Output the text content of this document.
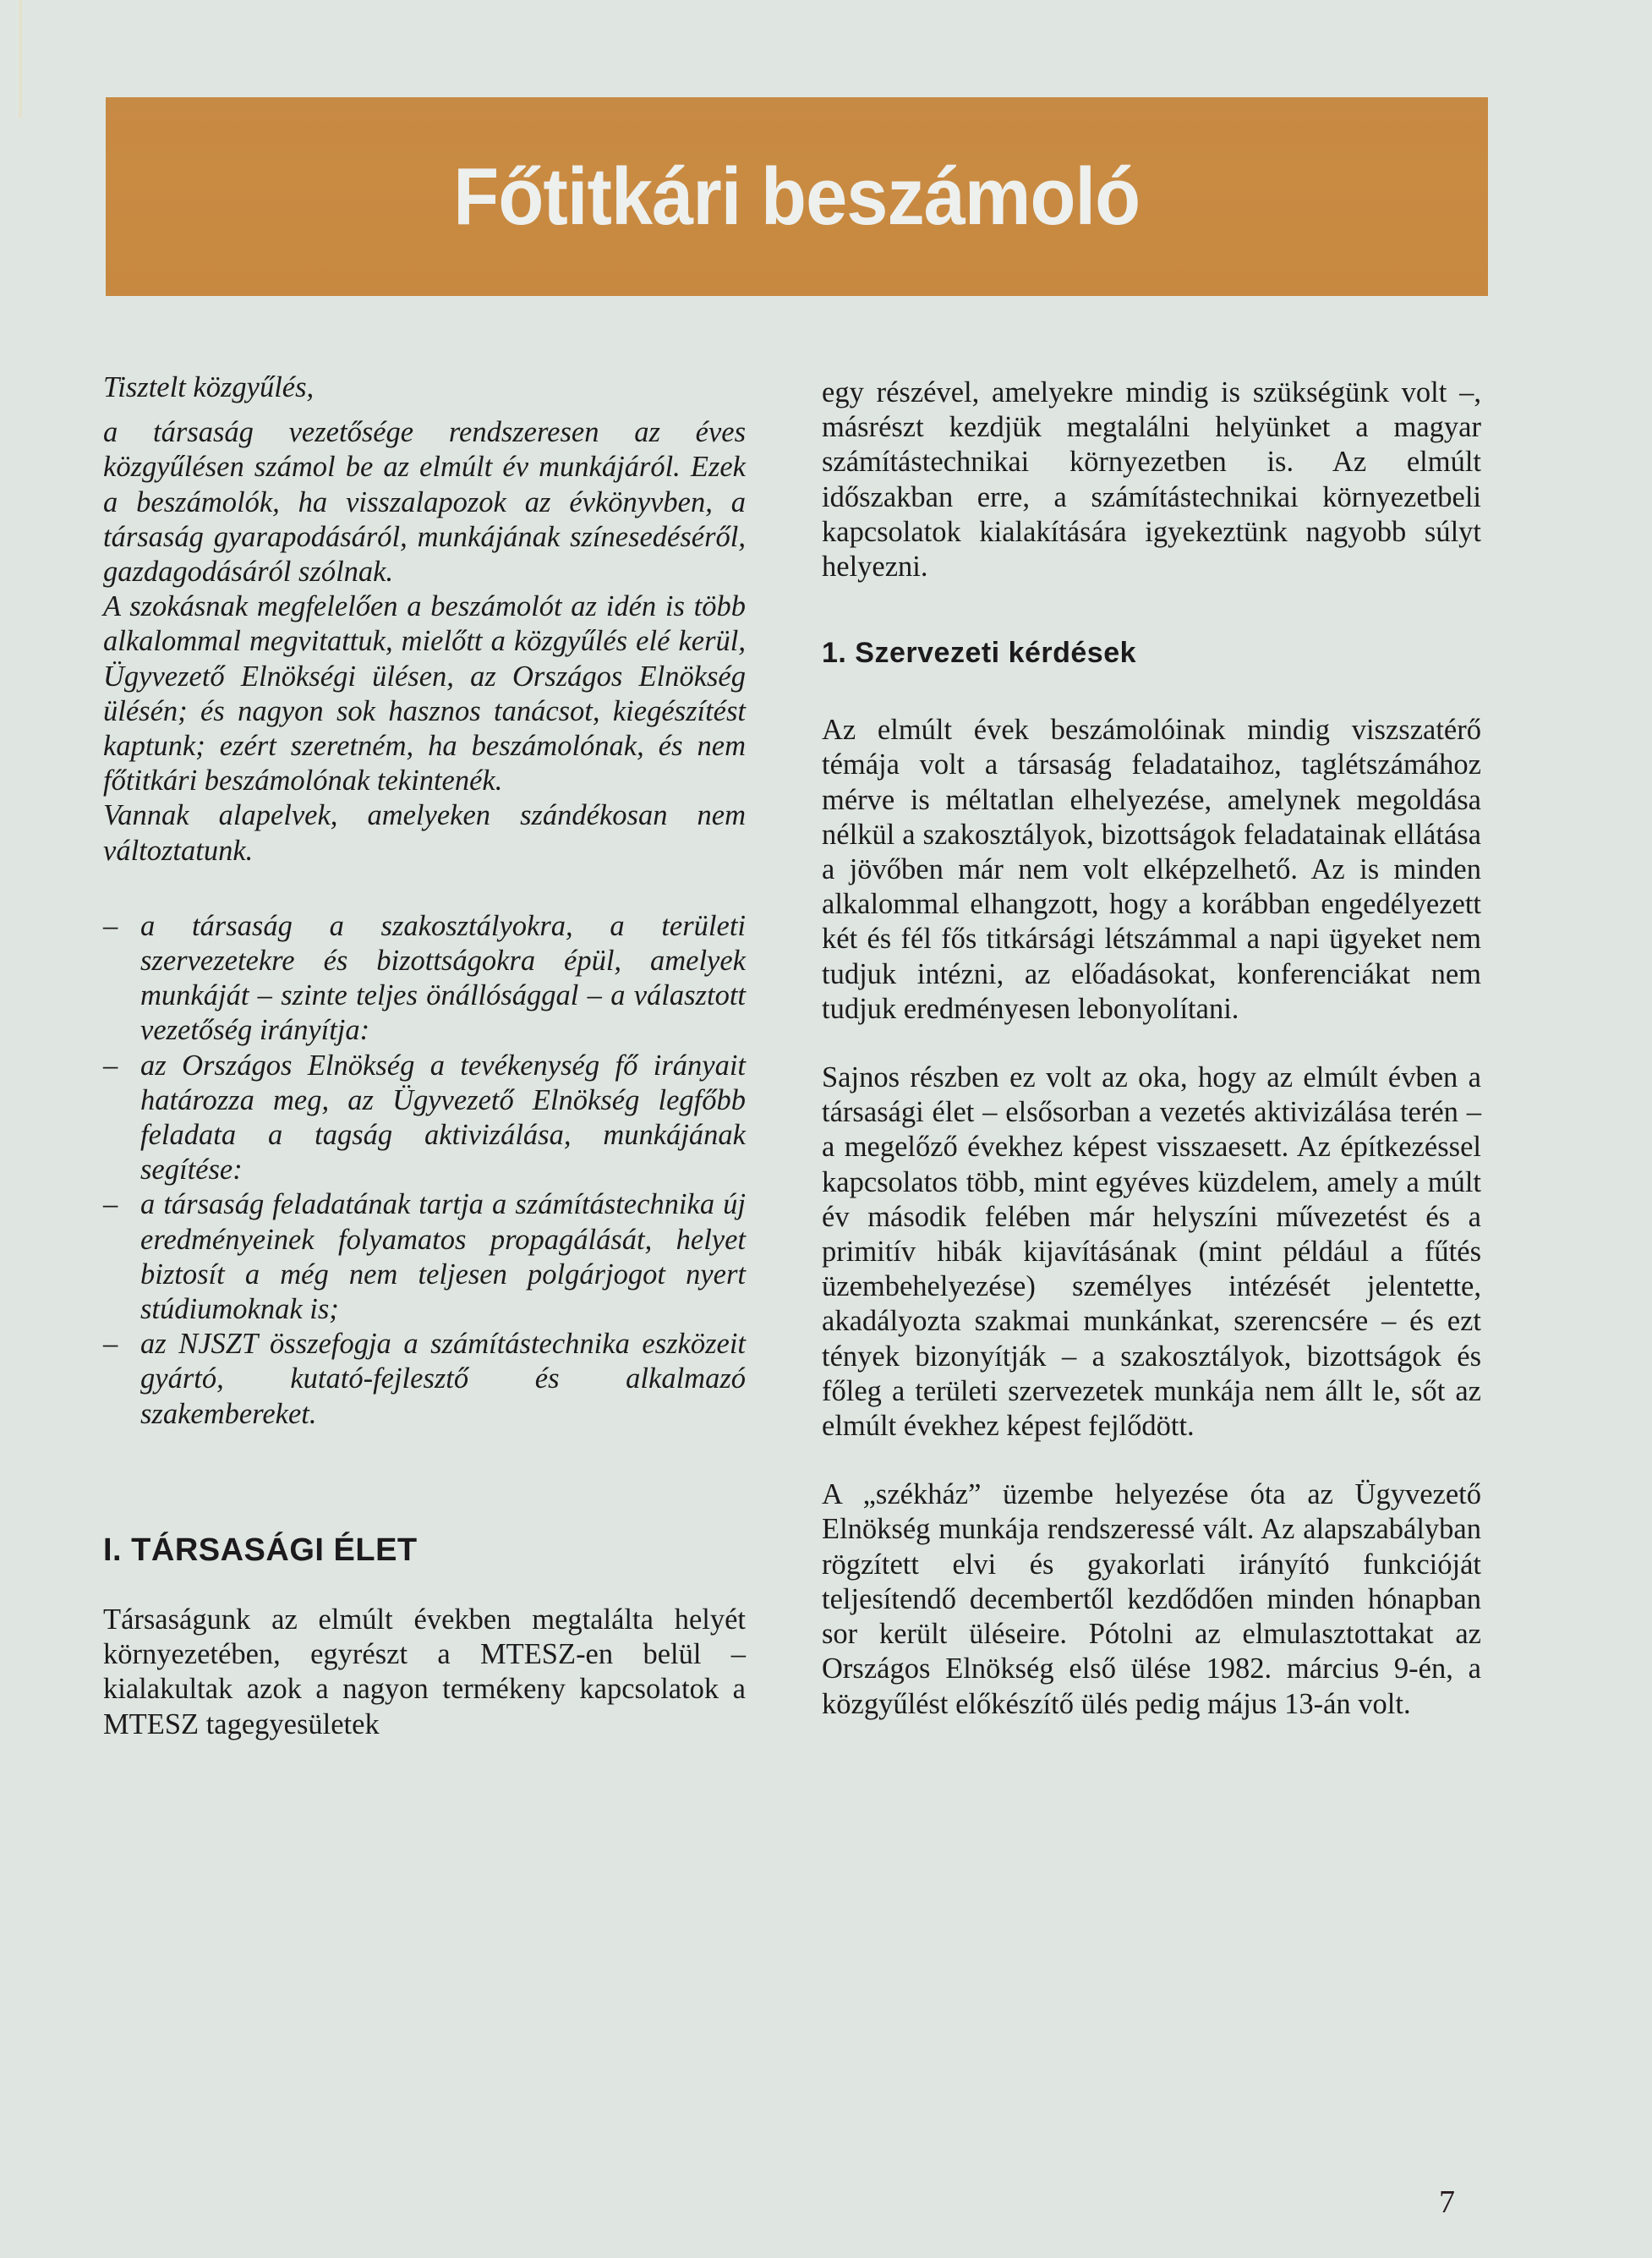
Főtitkári beszámoló

Tisztelt közgyűlés,

a társaság vezetősége rendszeresen az éves közgyűlésen számol be az elmúlt év munkájáról. Ezek a beszámolók, ha visszalapozok az évkönyvben, a társaság gyarapodásáról, munkájának színesedéséről, gazdagodásáról szólnak.

A szokásnak megfelelően a beszámolót az idén is több alkalommal megvitattuk, mielőtt a közgyűlés elé kerül, Ügyvezető Elnökségi ülésen, az Országos Elnökség ülésén; és nagyon sok hasznos tanácsot, kiegészítést kaptunk; ezért szeretném, ha beszámolónak, és nem főtitkári beszámolónak tekintenék.

Vannak alapelvek, amelyeken szándékosan nem változtatunk.

– a társaság a szakosztályokra, a területi szervezetekre és bizottságokra épül, amelyek munkáját – szinte teljes önállósággal – a választott vezetőség irányítja:

– az Országos Elnökség a tevékenység fő irányait határozza meg, az Ügyvezető Elnökség legfőbb feladata a tagság aktivizálása, munkájának segítése:

– a társaság feladatának tartja a számítástechnika új eredményeinek folyamatos propagálását, helyet biztosít a még nem teljesen polgárjogot nyert stúdiumoknak is;

– az NJSZT összefogja a számítástechnika eszközeit gyártó, kutató-fejlesztő és alkalmazó szakembereket.

I. TÁRSASÁGI ÉLET

Társaságunk az elmúlt években megtalálta helyét környezetében, egyrészt a MTESZ-en belül – kialakultak azok a nagyon termékeny kapcsolatok a MTESZ tagegyesületek

egy részével, amelyekre mindig is szükségünk volt –, másrészt kezdjük megtalálni helyünket a magyar számítástechnikai környezetben is. Az elmúlt időszakban erre, a számítástechnikai környezetbeli kapcsolatok kialakítására igyekeztünk nagyobb súlyt helyezni.

1. Szervezeti kérdések

Az elmúlt évek beszámolóinak mindig viszszatérő témája volt a társaság feladataihoz, taglétszámához mérve is méltatlan elhelyezése, amelynek megoldása nélkül a szakosztályok, bizottságok feladatainak ellátása a jövőben már nem volt elképzelhető. Az is minden alkalommal elhangzott, hogy a korábban engedélyezett két és fél fős titkársági létszámmal a napi ügyeket nem tudjuk intézni, az előadásokat, konferenciákat nem tudjuk eredményesen lebonyolítani.

Sajnos részben ez volt az oka, hogy az elmúlt évben a társasági élet – elsősorban a vezetés aktivizálása terén – a megelőző évekhez képest visszaesett. Az építkezéssel kapcsolatos több, mint egyéves küzdelem, amely a múlt év második felében már helyszíni művezetést és a primitív hibák kijavításának (mint például a fűtés üzembehelyezése) személyes intézését jelentette, akadályozta szakmai munkánkat, szerencsére – és ezt tények bizonyítják – a szakosztályok, bizottságok és főleg a területi szervezetek munkája nem állt le, sőt az elmúlt évekhez képest fejlődött.

A „székház” üzembe helyezése óta az Ügyvezető Elnökség munkája rendszeressé vált. Az alapszabályban rögzített elvi és gyakorlati irányító funkcióját teljesítendő decembertől kezdődően minden hónapban sor került üléseire. Pótolni az elmulasztottakat az Országos Elnökség első ülése 1982. március 9-én, a közgyűlést előkészítő ülés pedig május 13-án volt.

7
